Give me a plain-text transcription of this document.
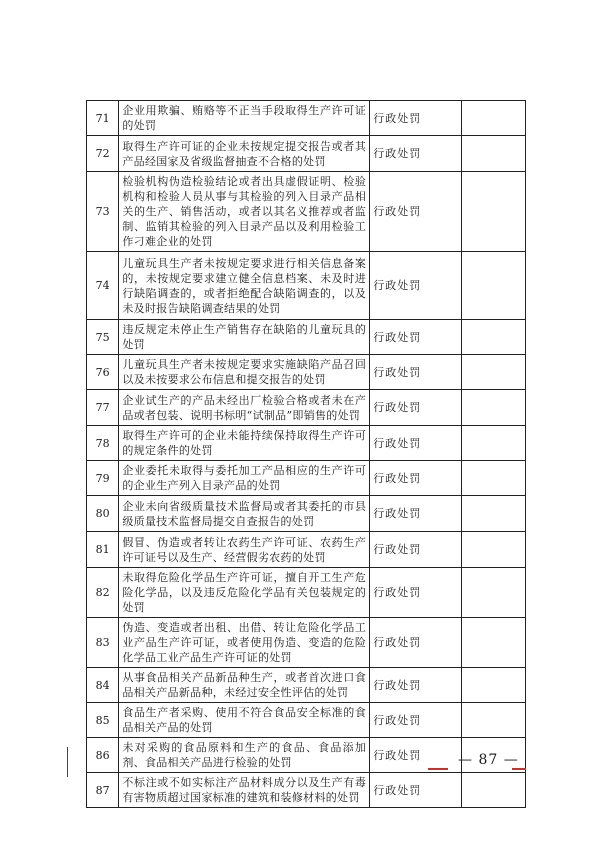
71	企业用欺骗、贿赂等不正当手段取得生产许可证的处罚	行政处罚	
72	取得生产许可证的企业未按规定提交报告或者其产品经国家及省级监督抽查不合格的处罚	行政处罚	
73	检验机构伪造检验结论或者出具虚假证明、检验机构和检验人员从事与其检验的列入目录产品相关的生产、销售活动，或者以其名义推荐或者监制、监销其检验的列入目录产品以及利用检验工作刁难企业的处罚	行政处罚	
74	儿童玩具生产者未按规定要求进行相关信息备案的，未按规定要求建立健全信息档案、未及时进行缺陷调查的，或者拒绝配合缺陷调查的，以及未及时报告缺陷调查结果的处罚	行政处罚	
75	违反规定未停止生产销售存在缺陷的儿童玩具的处罚	行政处罚	
76	儿童玩具生产者未按规定要求实施缺陷产品召回以及未按要求公布信息和提交报告的处罚	行政处罚	
77	企业试生产的产品未经出厂检验合格或者未在产品或者包装、说明书标明“试制品”即销售的处罚	行政处罚	
78	取得生产许可的企业未能持续保持取得生产许可的规定条件的处罚	行政处罚	
79	企业委托未取得与委托加工产品相应的生产许可的企业生产列入目录产品的处罚	行政处罚	
80	企业未向省级质量技术监督局或者其委托的市县级质量技术监督局提交自查报告的处罚	行政处罚	
81	假冒、伪造或者转让农药生产许可证、农药生产许可证号以及生产、经营假劣农药的处罚	行政处罚	
82	未取得危险化学品生产许可证，擅自开工生产危险化学品，以及违反危险化学品有关包装规定的处罚	行政处罚	
83	伪造、变造或者出租、出借、转让危险化学品工业产品生产许可证，或者使用伪造、变造的危险化学品工业产品生产许可证的处罚	行政处罚	
84	从事食品相关产品新品种生产，或者首次进口食品相关产品新品种，未经过安全性评估的处罚	行政处罚	
85	食品生产者采购、使用不符合食品安全标准的食品相关产品的处罚	行政处罚	
86	未对采购的食品原料和生产的食品、食品添加剂、食品相关产品进行检验的处罚	行政处罚	
87	不标注或不如实标注产品材料成分以及生产有毒有害物质超过国家标准的建筑和装修材料的处罚	行政处罚	
— 87 —
